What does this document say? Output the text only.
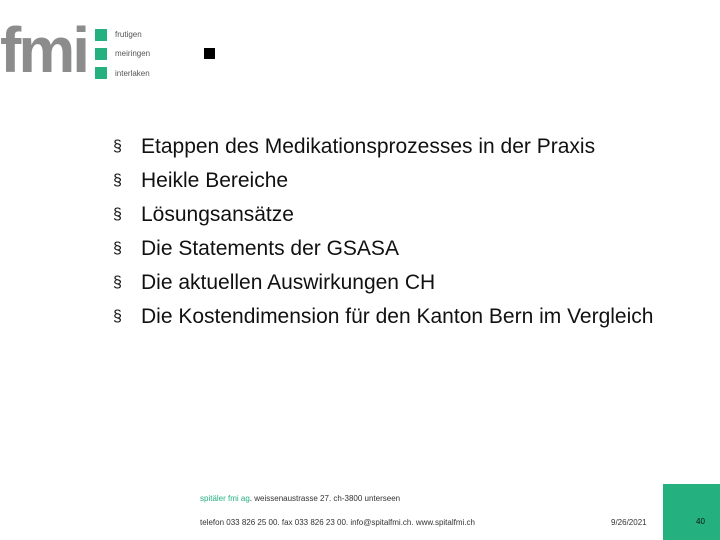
fmi	frutigen
meiringen
interlaken
§ Etappen des Medikationsprozesses in der Praxis
§ Heikle Bereiche
§ Lösungsansätze
§ Die Statements der GSASA
§ Die aktuellen Auswirkungen CH
§ Die Kostendimension für den Kanton Bern im Vergleich
spitäler fmi ag. weissenaustrasse 27. ch-3800 unterseen
telefon 033 826 25 00. fax 033 826 23 00. info@spitalfmi.ch. www.spitalfmi.ch	9/26/2021	40
